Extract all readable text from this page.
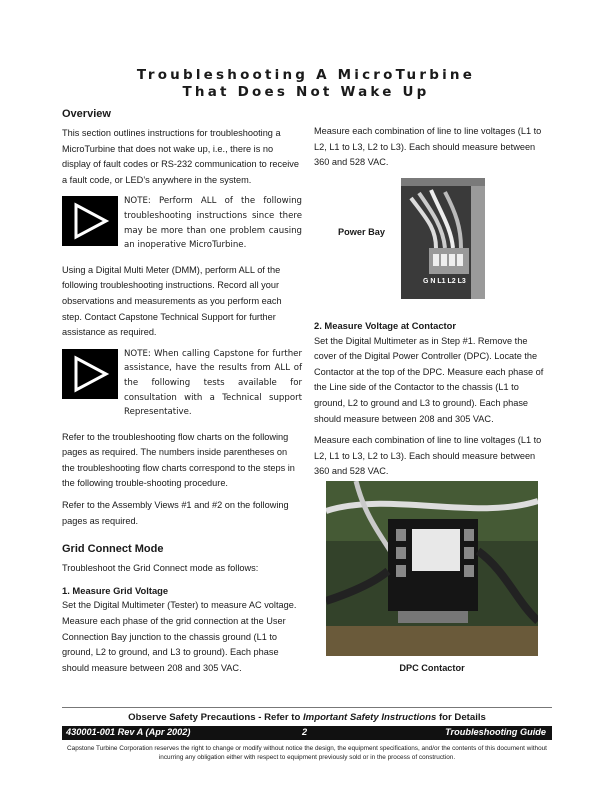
Troubleshooting A MicroTurbine
That Does Not Wake Up
Overview

This section outlines instructions for troubleshooting a MicroTurbine that does not wake up, i.e., there is no display of fault codes or RS-232 communication to receive a fault code, or LED’s anywhere in the system.

NOTE: Perform ALL of the following troubleshooting instructions since there may be more than one problem causing an inoperative MicroTurbine.

Using a Digital Multi Meter (DMM), perform ALL of the following troubleshooting instructions. Record all your observations and measurements as you perform each step. Contact Capstone Technical Support for further assistance as required.

NOTE: When calling Capstone for further assistance, have the results from ALL of the following tests available for consultation with a Technical support Representative.

Refer to the troubleshooting flow charts on the following pages as required. The numbers inside parentheses on the troubleshooting flow charts correspond to the steps in the following trouble-shooting procedure.

Refer to the Assembly Views #1 and #2 on the following pages as required.

Grid Connect Mode

Troubleshoot the Grid Connect mode as follows:

1. Measure Grid Voltage

Set the Digital Multimeter (Tester) to measure AC voltage. Measure each phase of the grid connection at the User Connection Bay junction to the chassis ground (L1 to ground, L2 to ground, and L3 to ground). Each phase should measure between 208 and 305 VAC.

Measure each combination of line to line voltages (L1 to L2, L1 to L3, L2 to L3). Each should measure between 360 and 528 VAC.

G N L1 L2 L3
Power Bay
2. Measure Voltage at Contactor

Set the Digital Multimeter as in Step #1. Remove the cover of the Digital Power Controller (DPC). Locate the Contactor at the top of the DPC. Measure each phase of the Line side of the Contactor to the chassis (L1 to ground, L2 to ground and L3 to ground). Each phase should measure between 208 and 305 VAC.

Measure each combination of line to line voltages (L1 to L2, L1 to L3, L2 to L3). Each should measure between 360 and 528 VAC.

DPC Contactor
Observe Safety Precautions - Refer to Important Safety Instructions for Details
430001-001 Rev A (Apr 2002)	2	Troubleshooting Guide
Capstone Turbine Corporation reserves the right to change or modify without notice the design, the equipment specifications, and/or the contents of this document without incurring any obligation either with respect to equipment previously sold or in the process of construction.
